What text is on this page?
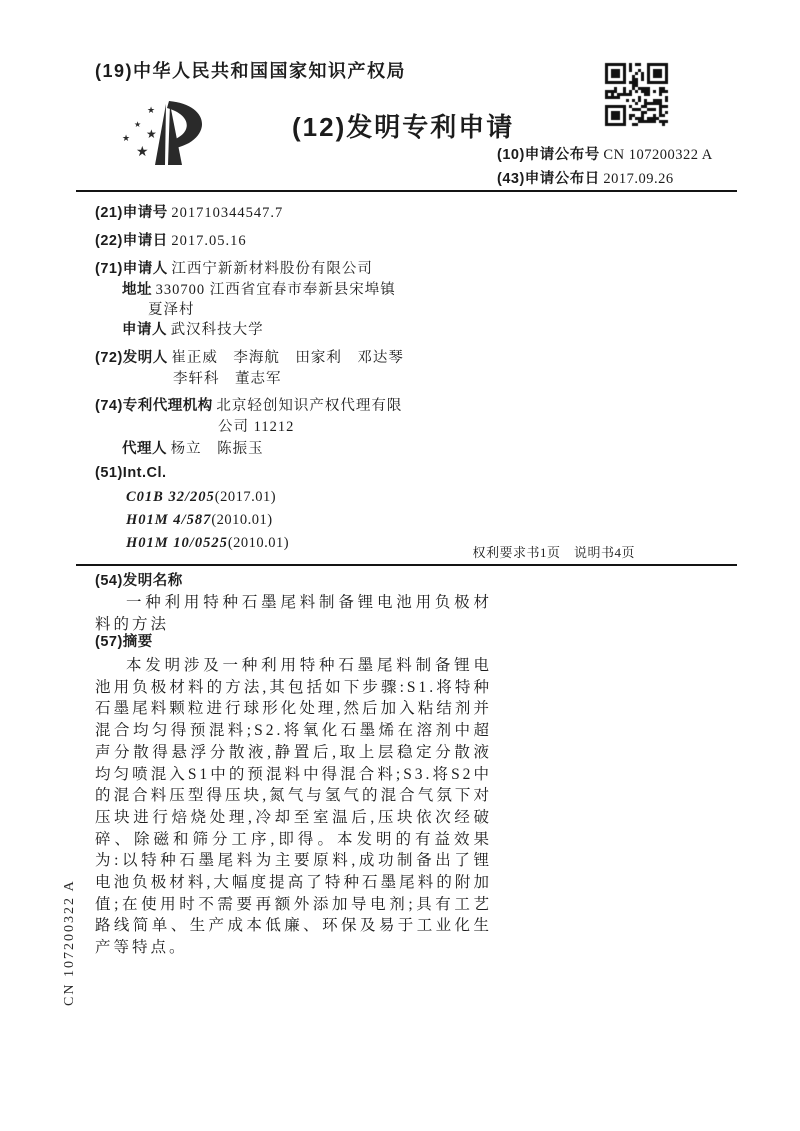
(19)中华人民共和国国家知识产权局
★
★
★
★
★
(12)发明专利申请
(10)申请公布号 CN 107200322 A
(43)申请公布日 2017.09.26
(21)申请号 201710344547.7
(22)申请日 2017.05.16
(71)申请人 江西宁新新材料股份有限公司
地址 330700 江西省宜春市奉新县宋埠镇
夏泽村
申请人 武汉科技大学
(72)发明人 崔正威　李海航　田家利　邓达琴
李轩科　董志军
(74)专利代理机构 北京轻创知识产权代理有限
公司 11212
代理人 杨立　陈振玉
(51)Int.Cl.
C01B 32/205(2017.01)
H01M 4/587(2010.01)
H01M 10/0525(2010.01)
权利要求书1页　说明书4页
(54)发明名称

一种利用特种石墨尾料制备锂电池用负极材料的方法

(57)摘要

本发明涉及一种利用特种石墨尾料制备锂电池用负极材料的方法,其包括如下步骤:S1.将特种石墨尾料颗粒进行球形化处理,然后加入粘结剂并混合均匀得预混料;S2.将氧化石墨烯在溶剂中超声分散得悬浮分散液,静置后,取上层稳定分散液均匀喷混入S1中的预混料中得混合料;S3.将S2中的混合料压型得压块,氮气与氢气的混合气氛下对压块进行焙烧处理,冷却至室温后,压块依次经破碎、除磁和筛分工序,即得。本发明的有益效果为:以特种石墨尾料为主要原料,成功制备出了锂电池负极材料,大幅度提高了特种石墨尾料的附加值;在使用时不需要再额外添加导电剂;具有工艺路线简单、生产成本低廉、环保及易于工业化生产等特点。

CN 107200322 A
